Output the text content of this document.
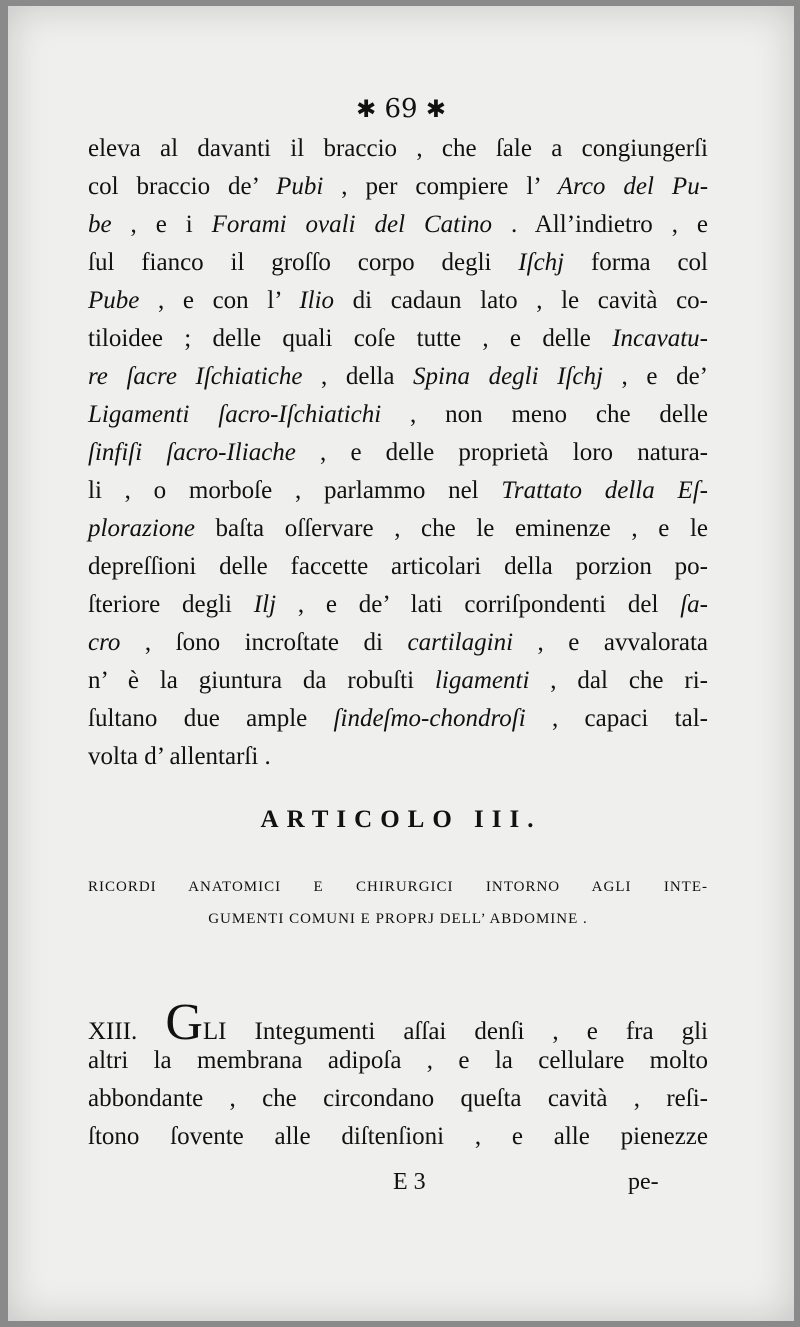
✱ 69 ✱
eleva al davanti il braccio , che ſale a congiungerſi
col braccio de’ Pubi , per compiere l’ Arco del Pu-
be , e i Forami ovali del Catino . All’indietro , e
ſul fianco il groſſo corpo degli Iſchj forma col
Pube , e con l’ Ilio di cadaun lato , le cavità co-
tiloidee ; delle quali coſe tutte , e delle Incavatu-
re ſacre Iſchiatiche , della Spina degli Iſchj , e de’
Ligamenti ſacro-Iſchiatichi , non meno che delle
ſinfiſi ſacro-Iliache , e delle proprietà loro natura-
li , o morboſe , parlammo nel Trattato della Eſ-
plorazione baſta oſſervare , che le eminenze , e le
depreſſioni delle faccette articolari della porzion po-
ſteriore degli Ilj , e de’ lati corriſpondenti del ſa-
cro , ſono incroſtate di cartilagini , e avvalorata
n’ è la giuntura da robuſti ligamenti , dal che ri-
ſultano due ample ſindeſmo-chondroſi , capaci tal-
volta d’ allentarſi .
ARTICOLO III.
RICORDI ANATOMICI E CHIRURGICI INTORNO AGLI INTE-
GUMENTI COMUNI E PROPRJ DELL’ ABDOMINE .
XIII. GLI Integumenti aſſai denſi , e fra gli
altri la membrana adipoſa , e la cellulare molto
abbondante , che circondano queſta cavità , reſi-
ſtono ſovente alle diſtenſioni , e alle pienezze
E 3	pe-
